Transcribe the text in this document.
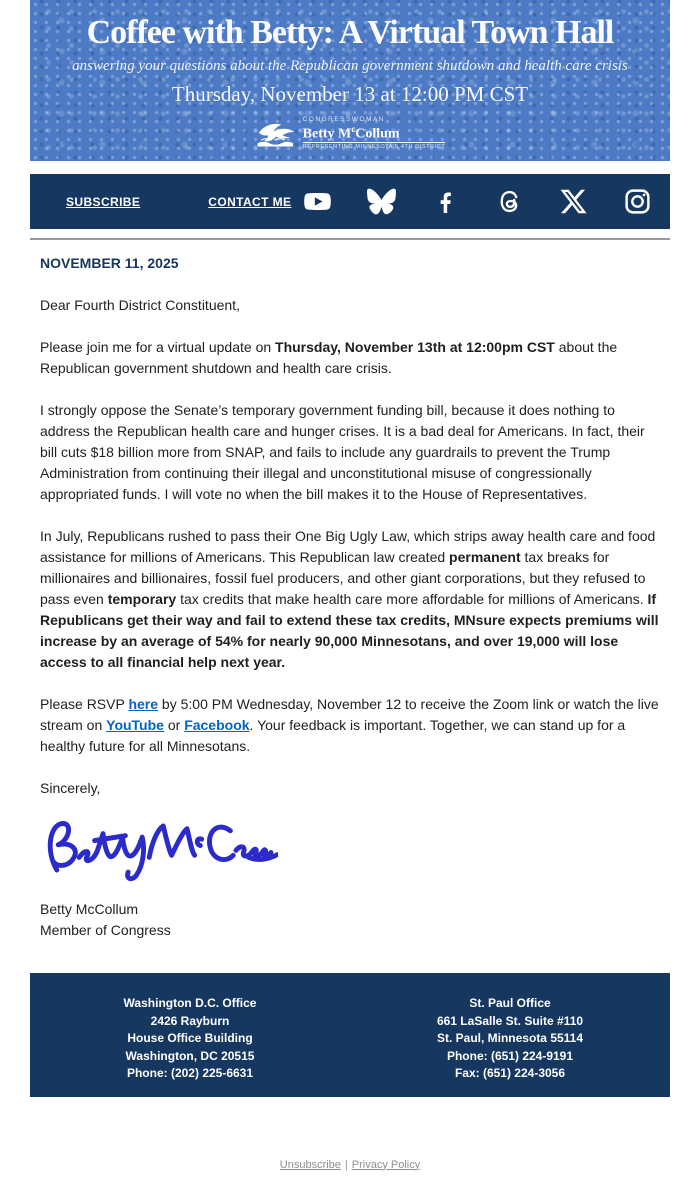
Coffee with Betty: A Virtual Town Hall
answering your questions about the Republican government shutdown and health care crisis
Thursday, November 13 at 12:00 PM CST
CONGRESSWOMAN
Betty $M^cCollum$
REPRESENTING MINNESOTA’S 4TH DISTRICT
SUBSCRIBE	CONTACT ME
NOVEMBER 11, 2025

Dear Fourth District Constituent,

Please join me for a virtual update on Thursday, November 13th at 12:00pm CST about the Republican government shutdown and health care crisis.

I strongly oppose the Senate’s temporary government funding bill, because it does nothing to address the Republican health care and hunger crises. It is a bad deal for Americans. In fact, their bill cuts $18 billion more from SNAP, and fails to include any guardrails to prevent the Trump Administration from continuing their illegal and unconstitutional misuse of congressionally appropriated funds. I will vote no when the bill makes it to the House of Representatives.

In July, Republicans rushed to pass their One Big Ugly Law, which strips away health care and food assistance for millions of Americans. This Republican law created permanent tax breaks for millionaires and billionaires, fossil fuel producers, and other giant corporations, but they refused to pass even temporary tax credits that make health care more affordable for millions of Americans. If Republicans get their way and fail to extend these tax credits, MNsure expects premiums will increase by an average of 54% for nearly 90,000 Minnesotans, and over 19,000 will lose access to all financial help next year.

Please RSVP here by 5:00 PM Wednesday, November 12 to receive the Zoom link or watch the live stream on YouTube or Facebook. Your feedback is important. Together, we can stand up for a healthy future for all Minnesotans.

Sincerely,

Betty McCollum
Member of Congress
Washington D.C. Office
2426 Rayburn
House Office Building
Washington, DC 20515
Phone: (202) 225-6631
St. Paul Office
661 LaSalle St. Suite #110
St. Paul, Minnesota 55114
Phone: (651) 224-9191
Fax: (651) 224-3056
Unsubscribe | Privacy Policy
